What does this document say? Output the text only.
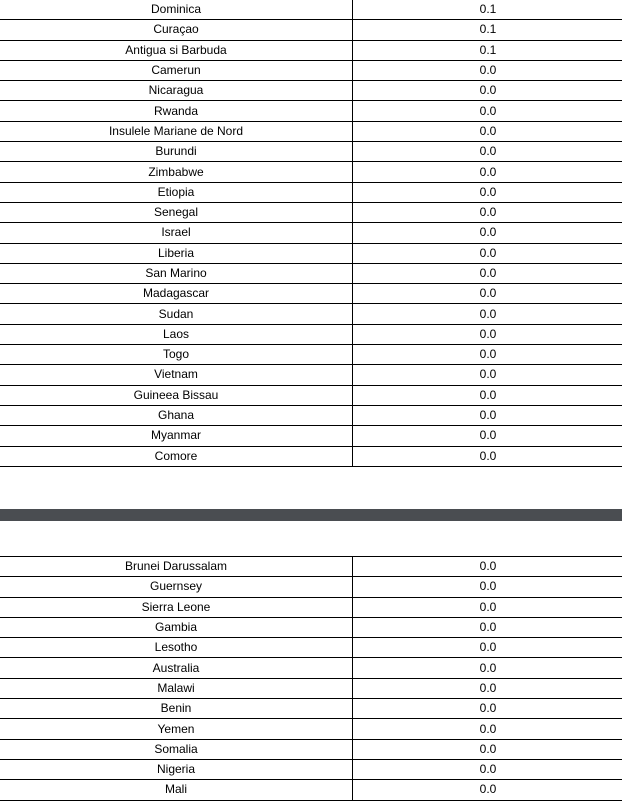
Dominica	0.1
Curaçao	0.1
Antigua si Barbuda	0.1
Camerun	0.0
Nicaragua	0.0
Rwanda	0.0
Insulele Mariane de Nord	0.0
Burundi	0.0
Zimbabwe	0.0
Etiopia	0.0
Senegal	0.0
Israel	0.0
Liberia	0.0
San Marino	0.0
Madagascar	0.0
Sudan	0.0
Laos	0.0
Togo	0.0
Vietnam	0.0
Guineea Bissau	0.0
Ghana	0.0
Myanmar	0.0
Comore	0.0
Brunei Darussalam	0.0
Guernsey	0.0
Sierra Leone	0.0
Gambia	0.0
Lesotho	0.0
Australia	0.0
Malawi	0.0
Benin	0.0
Yemen	0.0
Somalia	0.0
Nigeria	0.0
Mali	0.0
